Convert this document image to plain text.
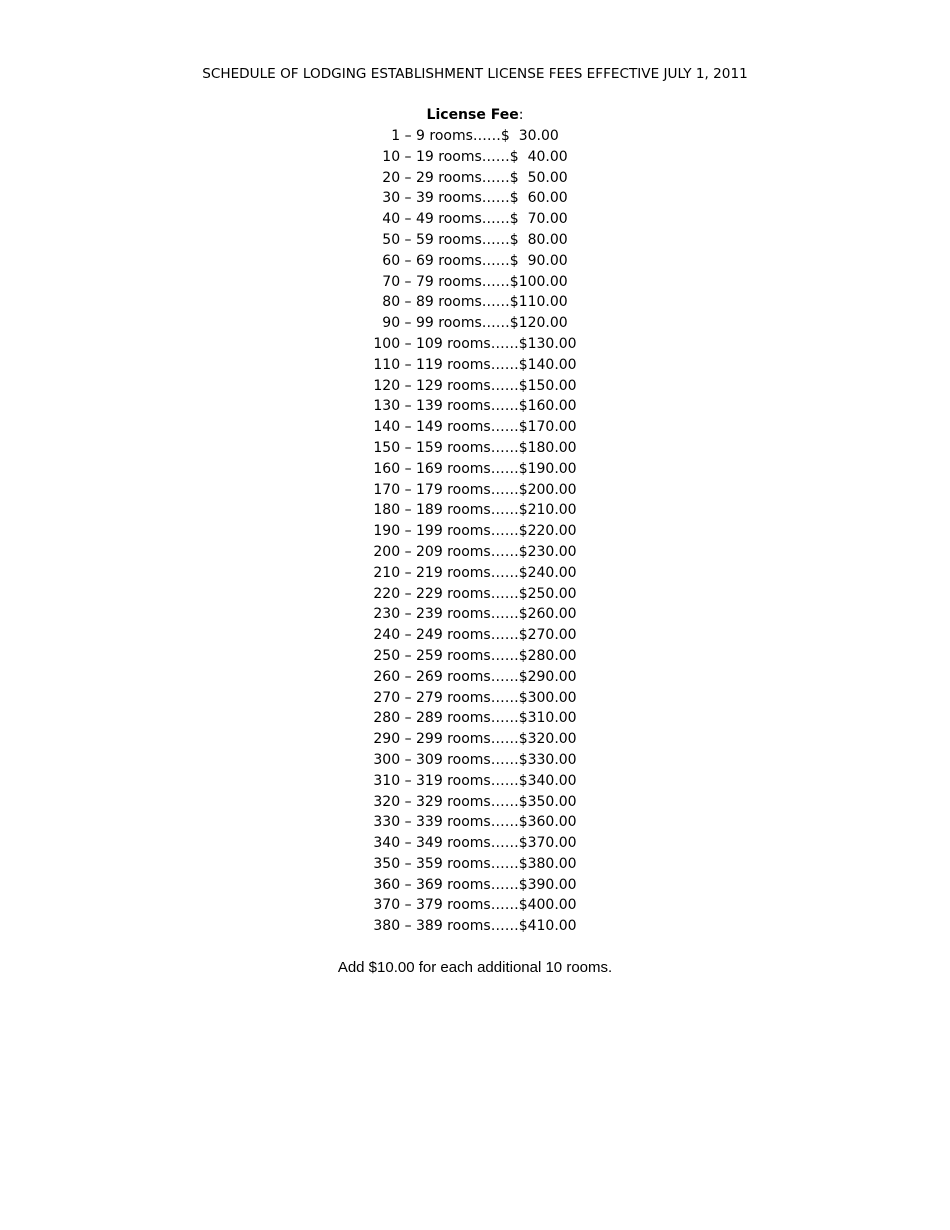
SCHEDULE OF LODGING ESTABLISHMENT LICENSE FEES EFFECTIVE JULY 1, 2011
License Fee:
1 – 9 rooms……$  30.00
10 – 19 rooms……$  40.00
20 – 29 rooms……$  50.00
30 – 39 rooms……$  60.00
40 – 49 rooms……$  70.00
50 – 59 rooms……$  80.00
60 – 69 rooms……$  90.00
70 – 79 rooms……$100.00
80 – 89 rooms……$110.00
90 – 99 rooms……$120.00
100 – 109 rooms……$130.00
110 – 119 rooms……$140.00
120 – 129 rooms……$150.00
130 – 139 rooms……$160.00
140 – 149 rooms……$170.00
150 – 159 rooms……$180.00
160 – 169 rooms……$190.00
170 – 179 rooms……$200.00
180 – 189 rooms……$210.00
190 – 199 rooms……$220.00
200 – 209 rooms……$230.00
210 – 219 rooms……$240.00
220 – 229 rooms……$250.00
230 – 239 rooms……$260.00
240 – 249 rooms……$270.00
250 – 259 rooms……$280.00
260 – 269 rooms……$290.00
270 – 279 rooms……$300.00
280 – 289 rooms……$310.00
290 – 299 rooms……$320.00
300 – 309 rooms……$330.00
310 – 319 rooms……$340.00
320 – 329 rooms……$350.00
330 – 339 rooms……$360.00
340 – 349 rooms……$370.00
350 – 359 rooms……$380.00
360 – 369 rooms……$390.00
370 – 379 rooms……$400.00
380 – 389 rooms……$410.00
Add $10.00 for each additional 10 rooms.
